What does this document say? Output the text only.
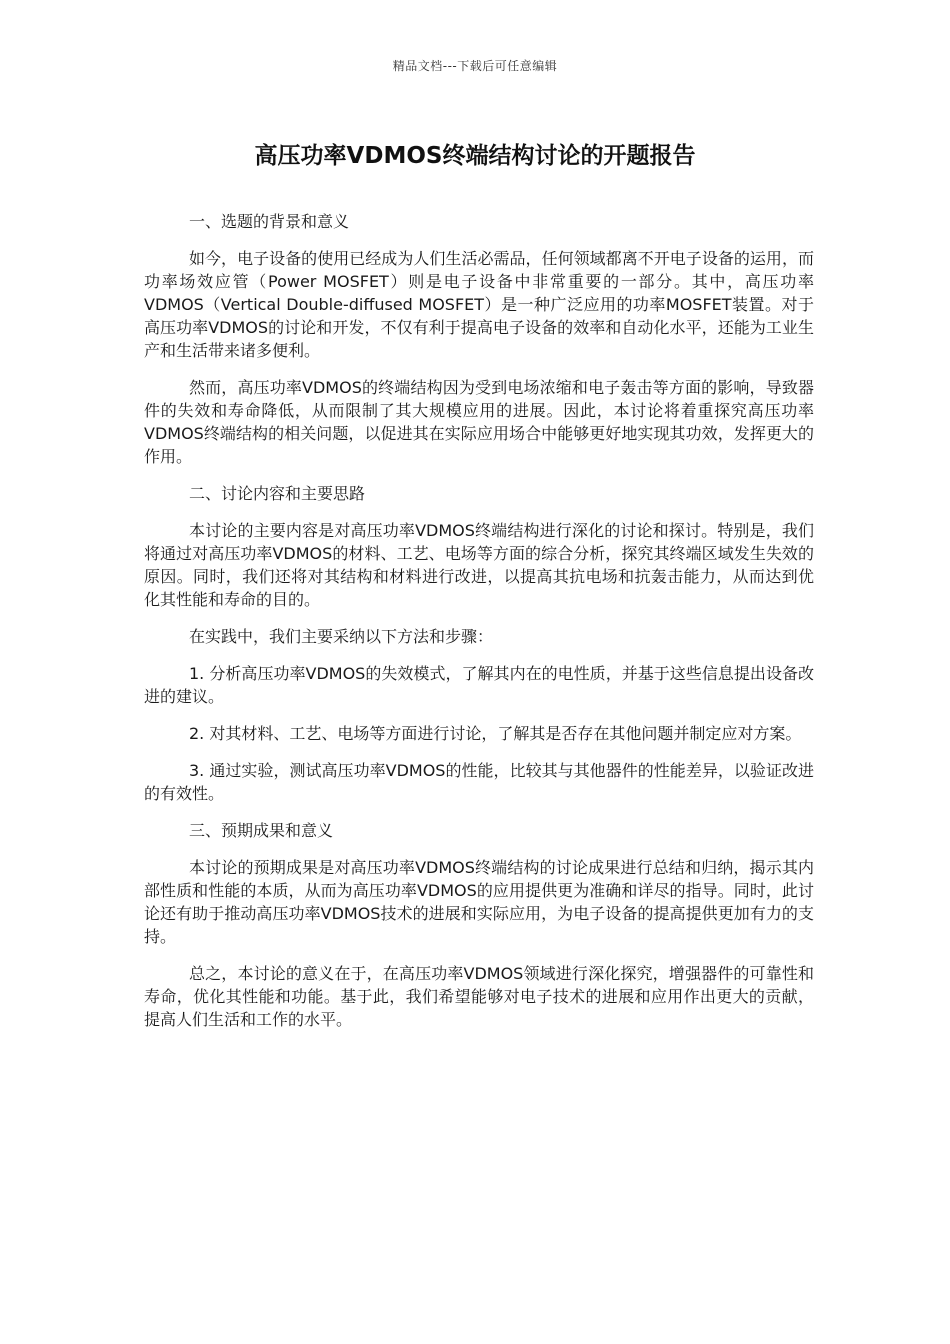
精品文档---下载后可任意编辑
高压功率VDMOS终端结构讨论的开题报告

一、选题的背景和意义

如今，电子设备的使用已经成为人们生活必需品，任何领域都离不开电子设备的运用，而功率场效应管（Power MOSFET）则是电子设备中非常重要的一部分。其中，高压功率VDMOS（Vertical Double-diffused MOSFET）是一种广泛应用的功率MOSFET装置。对于高压功率VDMOS的讨论和开发，不仅有利于提高电子设备的效率和自动化水平，还能为工业生产和生活带来诸多便利。

然而，高压功率VDMOS的终端结构因为受到电场浓缩和电子轰击等方面的影响，导致器件的失效和寿命降低，从而限制了其大规模应用的进展。因此，本讨论将着重探究高压功率VDMOS终端结构的相关问题，以促进其在实际应用场合中能够更好地实现其功效，发挥更大的作用。

二、讨论内容和主要思路

本讨论的主要内容是对高压功率VDMOS终端结构进行深化的讨论和探讨。特别是，我们将通过对高压功率VDMOS的材料、工艺、电场等方面的综合分析，探究其终端区域发生失效的原因。同时，我们还将对其结构和材料进行改进，以提高其抗电场和抗轰击能力，从而达到优化其性能和寿命的目的。

在实践中，我们主要采纳以下方法和步骤：

1. 分析高压功率VDMOS的失效模式，了解其内在的电性质，并基于这些信息提出设备改进的建议。

2. 对其材料、工艺、电场等方面进行讨论，了解其是否存在其他问题并制定应对方案。

3. 通过实验，测试高压功率VDMOS的性能，比较其与其他器件的性能差异，以验证改进的有效性。

三、预期成果和意义

本讨论的预期成果是对高压功率VDMOS终端结构的讨论成果进行总结和归纳，揭示其内部性质和性能的本质，从而为高压功率VDMOS的应用提供更为准确和详尽的指导。同时，此讨论还有助于推动高压功率VDMOS技术的进展和实际应用，为电子设备的提高提供更加有力的支持。

总之，本讨论的意义在于，在高压功率VDMOS领域进行深化探究，增强器件的可靠性和寿命，优化其性能和功能。基于此，我们希望能够对电子技术的进展和应用作出更大的贡献，提高人们生活和工作的水平。
